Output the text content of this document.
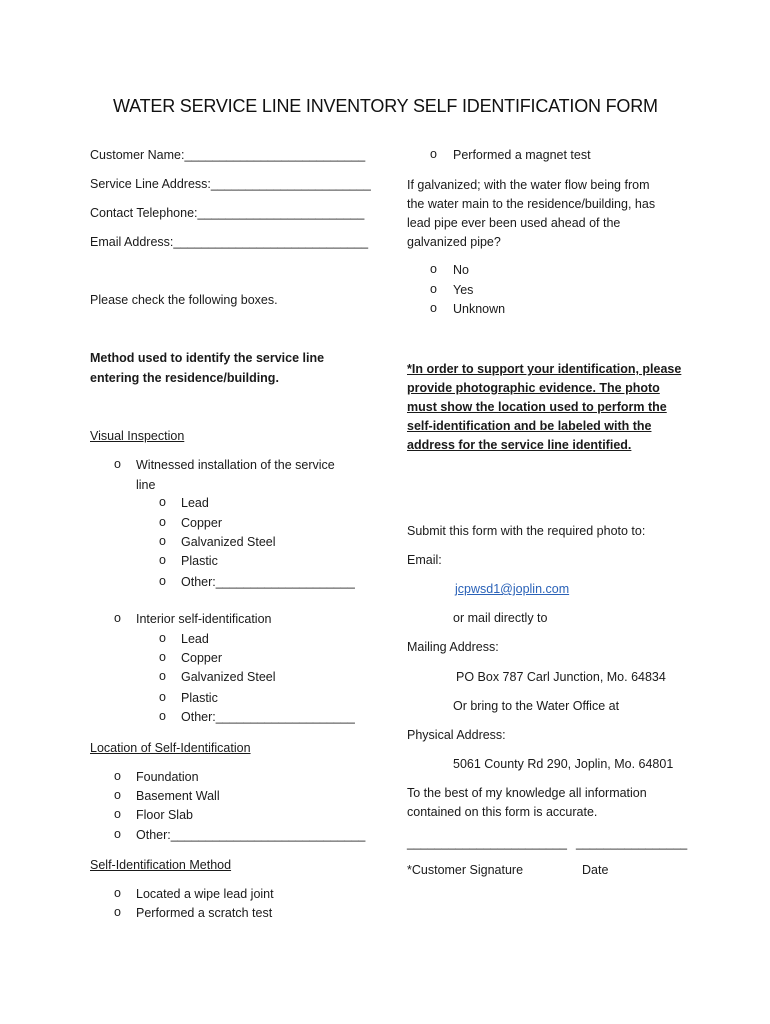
WATER SERVICE LINE INVENTORY SELF IDENTIFICATION FORM
Customer Name:__________________________
Service Line Address:_______________________
Contact Telephone:________________________
Email Address:____________________________
Please check the following boxes.
Method used to identify the service line
entering the residence/building.
Visual Inspection
o Witnessed installation of the service
line
o Lead
o Copper
o Galvanized Steel
o Plastic
o Other:____________________
o Interior self-identification
o Lead
o Copper
o Galvanized Steel
o Plastic
o Other:____________________
Location of Self-Identification
o Foundation
o Basement Wall
o Floor Slab
o Other:____________________________
Self-Identification Method
o Located a wipe lead joint
o Performed a scratch test
o Performed a magnet test
If galvanized; with the water flow being from
the water main to the residence/building, has
lead pipe ever been used ahead of the
galvanized pipe?
o No
o Yes
o Unknown
*In order to support your identification, please
provide photographic evidence. The photo
must show the location used to perform the
self-identification and be labeled with the
address for the service line identified.
Submit this form with the required photo to:
Email:
jcpwsd1@joplin.com
or mail directly to
Mailing Address:
PO Box 787 Carl Junction, Mo. 64834
Or bring to the Water Office at
Physical Address:
5061 County Rd 290, Joplin, Mo. 64801
To the best of my knowledge all information
contained on this form is accurate.
_______________________ ________________
*Customer Signature	Date
